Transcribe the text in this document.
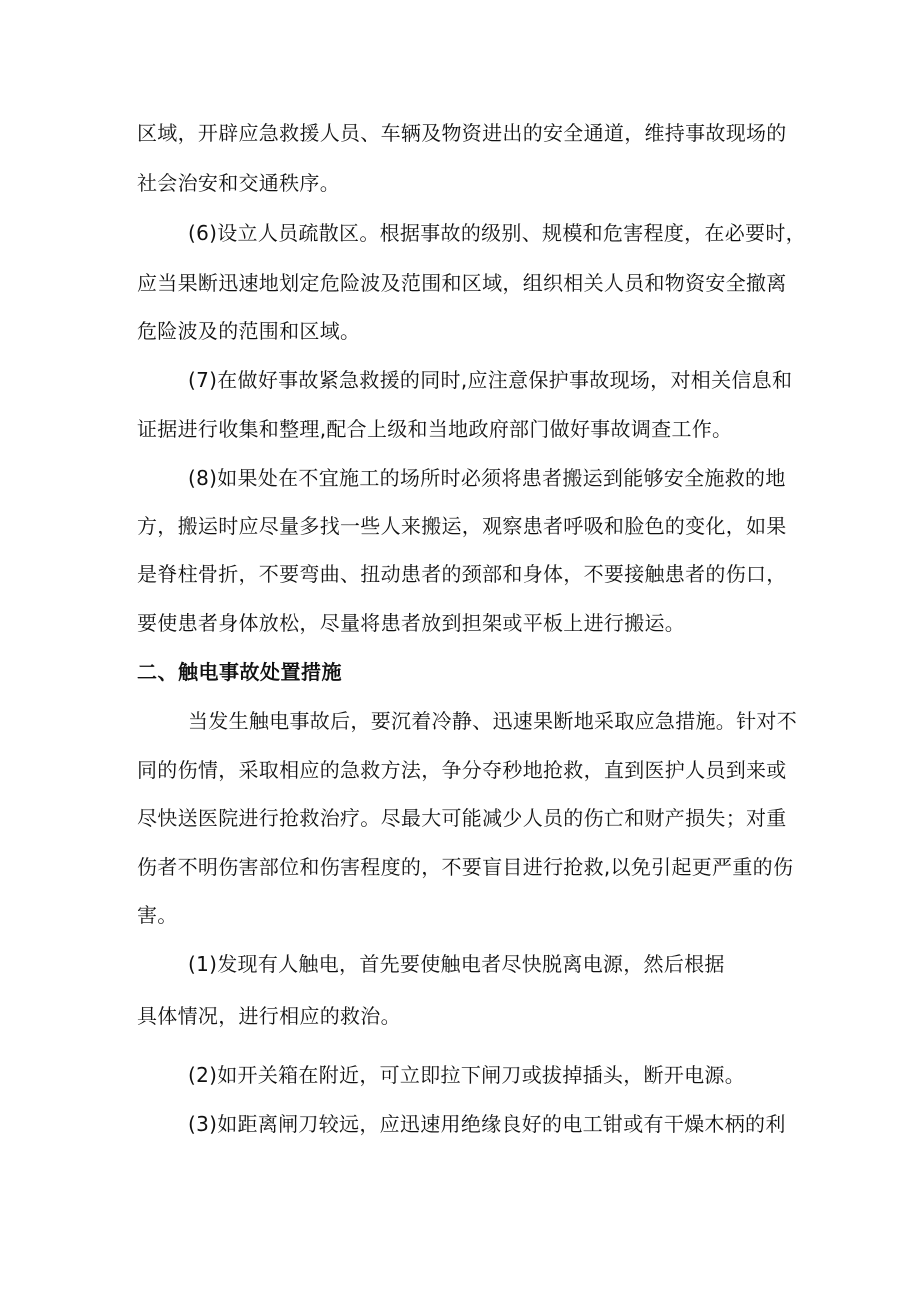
区域，开辟应急救援人员、车辆及物资进出的安全通道，维持事故现场的

社会治安和交通秩序。

(6)设立人员疏散区。根据事故的级别、规模和危害程度，在必要时，

应当果断迅速地划定危险波及范围和区域，组织相关人员和物资安全撤离

危险波及的范围和区域。

(7)在做好事故紧急救援的同时,应注意保护事故现场，对相关信息和

证据进行收集和整理,配合上级和当地政府部门做好事故调查工作。

(8)如果处在不宜施工的场所时必须将患者搬运到能够安全施救的地

方，搬运时应尽量多找一些人来搬运，观察患者呼吸和脸色的变化，如果

是脊柱骨折，不要弯曲、扭动患者的颈部和身体，不要接触患者的伤口，

要使患者身体放松，尽量将患者放到担架或平板上进行搬运。

二、触电事故处置措施

当发生触电事故后，要沉着冷静、迅速果断地采取应急措施。针对不

同的伤情，采取相应的急救方法，争分夺秒地抢救，直到医护人员到来或

尽快送医院进行抢救治疗。尽最大可能减少人员的伤亡和财产损失；对重

伤者不明伤害部位和伤害程度的，不要盲目进行抢救,以免引起更严重的伤

害。

(1)发现有人触电，首先要使触电者尽快脱离电源，然后根据

具体情况，进行相应的救治。

(2)如开关箱在附近，可立即拉下闸刀或拔掉插头，断开电源。

(3)如距离闸刀较远，应迅速用绝缘良好的电工钳或有干燥木柄的利
